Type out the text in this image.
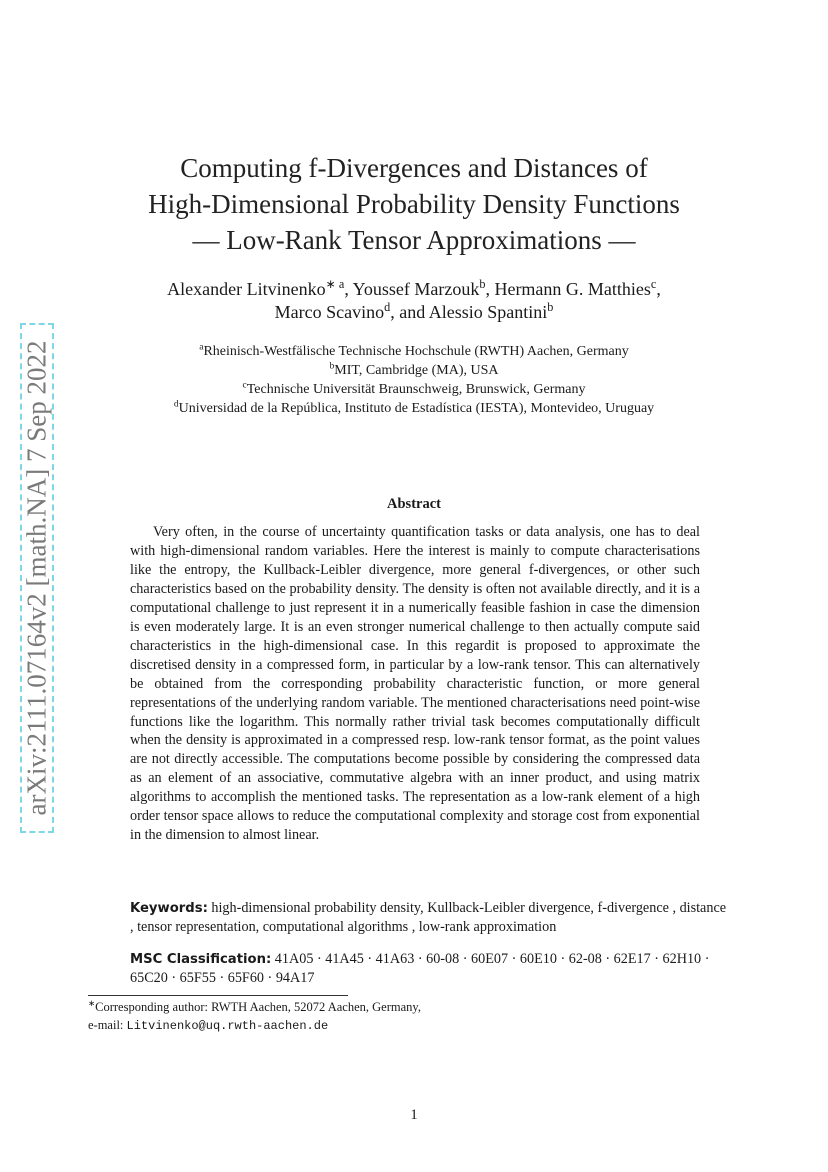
arXiv:2111.07164v2 [math.NA] 7 Sep 2022
Computing f-Divergences and Distances of
High-Dimensional Probability Density Functions
— Low-Rank Tensor Approximations —
Alexander Litvinenko$^{∗ a}$, Youssef Marzouk$^b$, Hermann G. Matthies$^c$,
Marco Scavino$^d$, and Alessio Spantini$^b$
$^a$Rheinisch-Westfälische Technische Hochschule (RWTH) Aachen, Germany
$^b$MIT, Cambridge (MA), USA
$^c$Technische Universität Braunschweig, Brunswick, Germany
$^d$Universidad de la República, Instituto de Estadística (IESTA), Montevideo, Uruguay
Abstract
Very often, in the course of uncertainty quantification tasks or data analysis, one has to deal with high-dimensional random variables. Here the interest is mainly to compute characterisations like the entropy, the Kullback-Leibler divergence, more general f-divergences, or other such characteristics based on the probability density. The density is often not available directly, and it is a computational challenge to just represent it in a numerically feasible fashion in case the dimension is even moderately large. It is an even stronger numerical challenge to then actually compute said characteristics in the high-dimensional case. In this regardit is proposed to approximate the discretised density in a compressed form, in particular by a low-rank tensor. This can alternatively be obtained from the corresponding probability characteristic function, or more general representations of the underlying random variable. The mentioned characterisations need point-wise functions like the logarithm. This normally rather trivial task becomes computationally difficult when the density is approximated in a compressed resp. low-rank tensor format, as the point values are not directly accessible. The computations become possible by considering the compressed data as an element of an associative, commutative algebra with an inner product, and using matrix algorithms to accomplish the mentioned tasks. The representation as a low-rank element of a high order tensor space allows to reduce the computational complexity and storage cost from exponential in the dimension to almost linear.
Keywords: high-dimensional probability density, Kullback-Leibler divergence, f-divergence , distance , tensor representation, computational algorithms , low-rank approximation
MSC Classification: 41A05 · 41A45 · 41A63 · 60-08 · 60E07 · 60E10 · 62-08 · 62E17 · 62H10 · 65C20 · 65F55 · 65F60 · 94A17
∗Corresponding author: RWTH Aachen, 52072 Aachen, Germany,
e-mail: Litvinenko@uq.rwth-aachen.de
1
